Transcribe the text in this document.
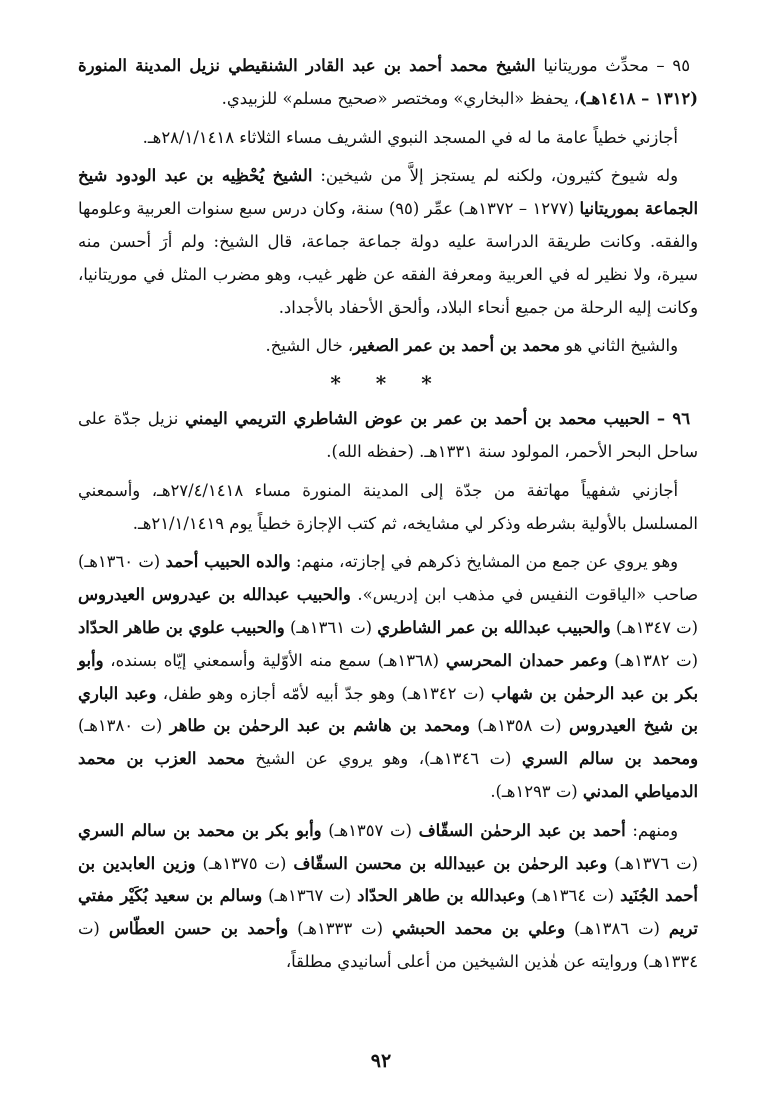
٩٥ – محدِّث موريتانيا الشيخ محمد أحمد بن عبد القادر الشنقيطي نزيل المدينة المنورة (١٣١٢ – ١٤١٨هـ)، يحفظ «البخاري» ومختصر «صحيح مسلم» للزبيدي.

أجازني خطياً عامة ما له في المسجد النبوي الشريف مساء الثلاثاء ٢٨/١/١٤١٨هـ.

وله شيوخ كثيرون، ولكنه لم يستجز إلاَّ من شيخين: الشيخ يُحْظِيه بن عبد الودود شيخ الجماعة بموريتانيا (١٢٧٧ – ١٣٧٢هـ) عمِّر (٩٥) سنة، وكان درس سبع سنوات العربية وعلومها والفقه. وكانت طريقة الدراسة عليه دولة جماعة جماعة، قال الشيخ: ولم أرَ أحسن منه سيرة، ولا نظير له في العربية ومعرفة الفقه عن ظهر غيب، وهو مضرب المثل في موريتانيا، وكانت إليه الرحلة من جميع أنحاء البلاد، وألحق الأحفاد بالأجداد.

والشيخ الثاني هو محمد بن أحمد بن عمر الصغير، خال الشيخ.

* * *

٩٦ – الحبيب محمد بن أحمد بن عمر بن عوض الشاطري التريمي اليمني نزيل جدّة على ساحل البحر الأحمر، المولود سنة ١٣٣١هـ. (حفظه الله).

أجازني شفهياً مهاتفة من جدّة إلى المدينة المنورة مساء ٢٧/٤/١٤١٨هـ، وأسمعني المسلسل بالأولية بشرطه وذكر لي مشايخه، ثم كتب الإجازة خطياً يوم ٢١/١/١٤١٩هـ.

وهو يروي عن جمع من المشايخ ذكرهم في إجازته، منهم: والده الحبيب أحمد (ت ١٣٦٠هـ) صاحب «الياقوت النفيس في مذهب ابن إدريس». والحبيب عبدالله بن عيدروس العيدروس (ت ١٣٤٧هـ) والحبيب عبدالله بن عمر الشاطري (ت ١٣٦١هـ) والحبيب علوي بن طاهر الحدّاد (ت ١٣٨٢هـ) وعمر حمدان المحرسي (١٣٦٨هـ) سمع منه الأوّلية وأسمعني إيّاه بسنده، وأبو بكر بن عبد الرحمٰن بن شهاب (ت ١٣٤٢هـ) وهو جدّ أبيه لأمّه أجازه وهو طفل، وعبد الباري بن شيخ العيدروس (ت ١٣٥٨هـ) ومحمد بن هاشم بن عبد الرحمٰن بن طاهر (ت ١٣٨٠هـ) ومحمد بن سالم السري (ت ١٣٤٦هـ)، وهو يروي عن الشيخ محمد العزب بن محمد الدمياطي المدني (ت ١٢٩٣هـ).

ومنهم: أحمد بن عبد الرحمٰن السقّاف (ت ١٣٥٧هـ) وأبو بكر بن محمد بن سالم السري (ت ١٣٧٦هـ) وعبد الرحمٰن بن عبيدالله بن محسن السقّاف (ت ١٣٧٥هـ) وزين العابدين بن أحمد الجُنَيد (ت ١٣٦٤هـ) وعبدالله بن طاهر الحدّاد (ت ١٣٦٧هـ) وسالم بن سعيد بُكَيْر مفتي تريم (ت ١٣٨٦هـ) وعلي بن محمد الحبشي (ت ١٣٣٣هـ) وأحمد بن حسن العطّاس (ت ١٣٣٤هـ) وروايته عن هٰذين الشيخين من أعلى أسانيدي مطلقاً،

٩٢
